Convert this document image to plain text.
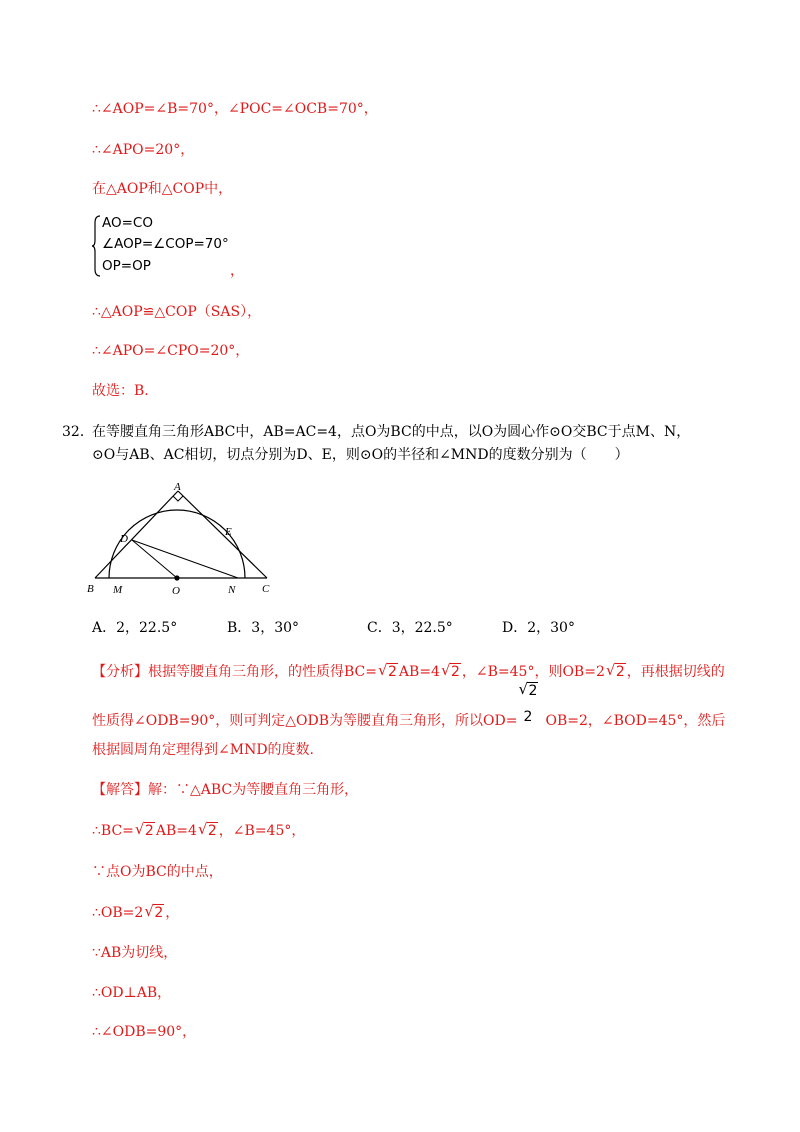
∴∠AOP=∠B=70°，∠POC=∠OCB=70°，
∴∠APO=20°，
在△AOP和△COP中，
AO=CO
∠AOP=∠COP=70°
OP=OP	，
∴△AOP≌△COP（SAS），
∴∠APO=∠CPO=20°，
故选：B.
32．
在等腰直角三角形ABC中，AB=AC=4，点O为BC的中点，以O为圆心作⊙O交BC于点M、N，
⊙O与AB、AC相切，切点分别为D、E，则⊙O的半径和∠MND的度数分别为（　　）
A
B	C
D
E
M	N
O
A．2，22.5°	B．3，30°	C．3，22.5°	D．2，30°
【分析】根据等腰直角三角形，的性质得BC= √ 2 AB=4 √ 2 ，∠B=45°，则OB=2 √ 2 ，再根据切线的
性质得∠ODB=90°，则可判定△ODB为等腰直角三角形，所以OD=
√ 2
2 OB=2，∠BOD=45°，然后
根据圆周角定理得到∠MND的度数.
【解答】解：∵△ABC为等腰直角三角形，
∴BC= √ 2 AB=4 √ 2 ，∠B=45°，
∵点O为BC的中点，
∴OB=2 √ 2 ，
∵AB为切线，
∴OD⊥AB，
∴∠ODB=90°，
